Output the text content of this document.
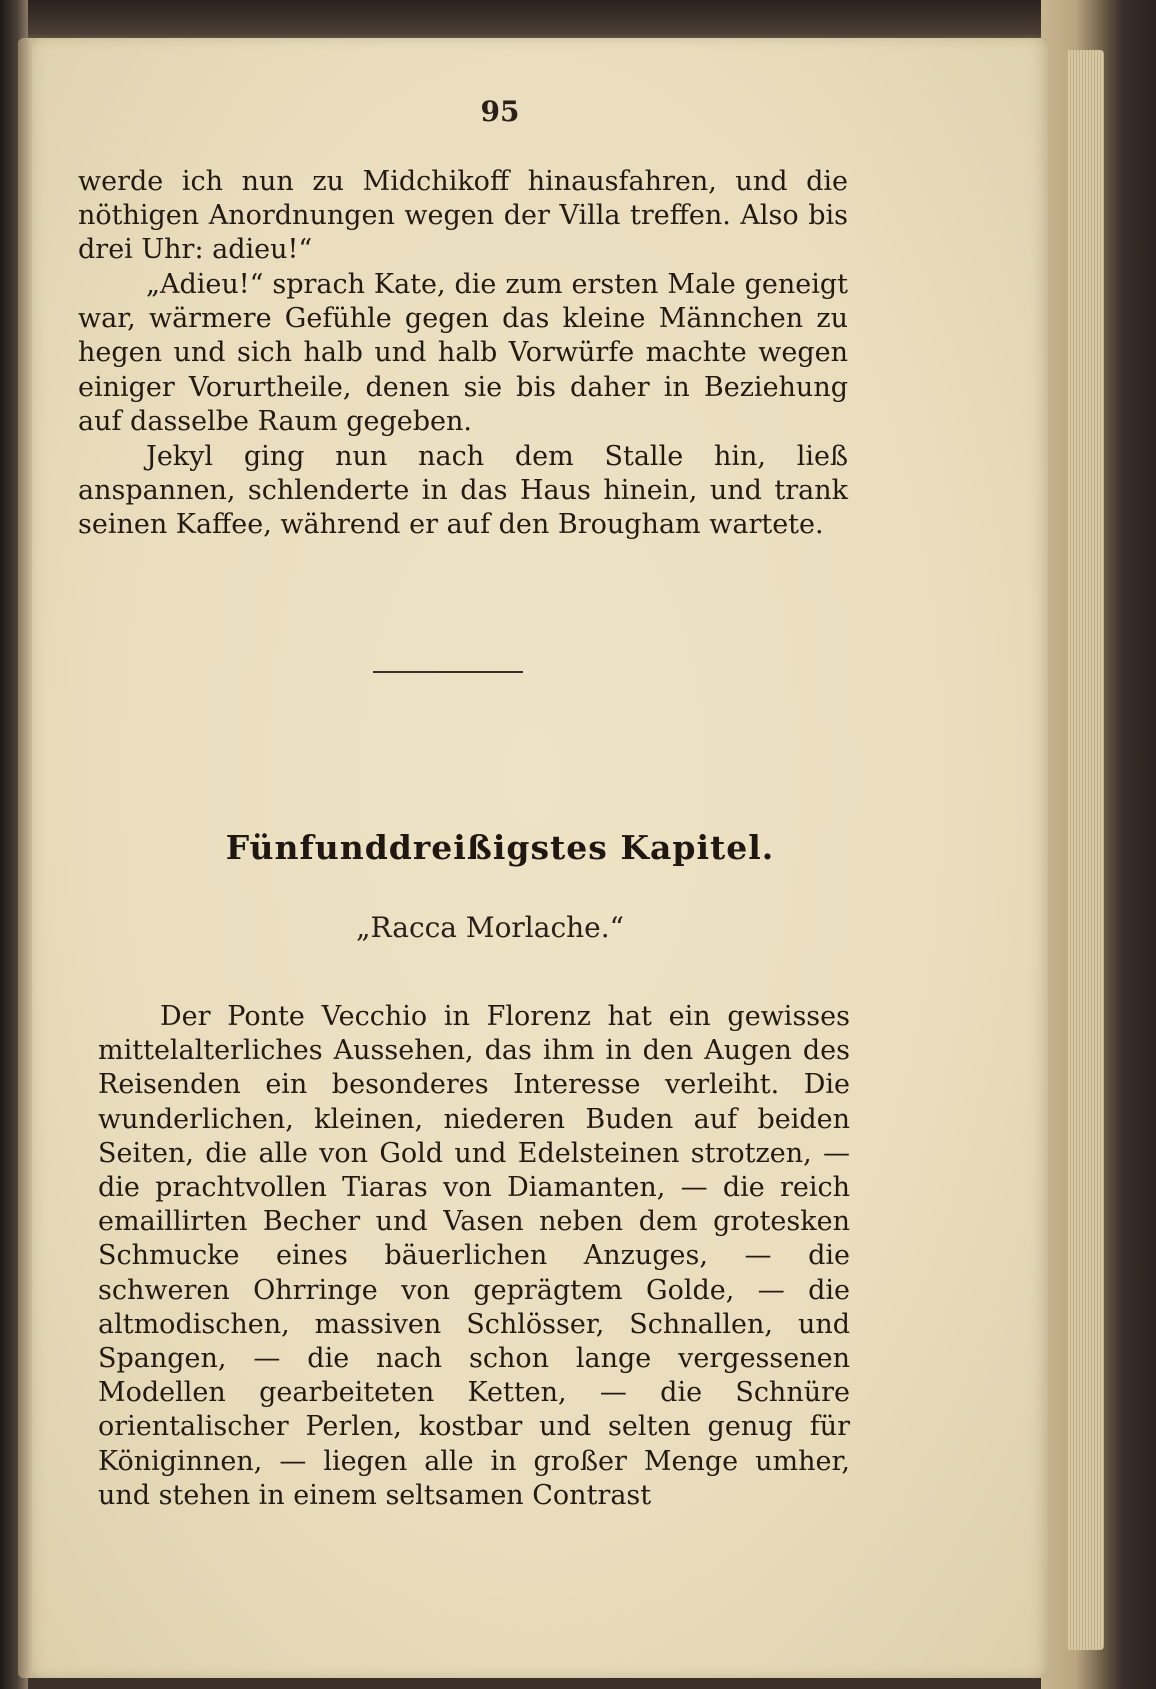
95
werde ich nun zu Midchikoff hinausfahren, und die nöthigen Anordnungen wegen der Villa treffen. Also bis drei Uhr: adieu!“
„Adieu!“ sprach Kate, die zum ersten Male geneigt war, wärmere Gefühle gegen das kleine Männchen zu hegen und sich halb und halb Vorwürfe machte wegen einiger Vorurtheile, denen sie bis daher in Beziehung auf dasselbe Raum gegeben.
Jekyl ging nun nach dem Stalle hin, ließ anspannen, schlenderte in das Haus hinein, und trank seinen Kaffee, während er auf den Brougham wartete.
Fünfunddreißigstes Kapitel.
„Racca Morlache.“
Der Ponte Vecchio in Florenz hat ein gewisses mittelalterliches Aussehen, das ihm in den Augen des Reisenden ein besonderes Interesse verleiht. Die wunderlichen, kleinen, niederen Buden auf beiden Seiten, die alle von Gold und Edelsteinen strotzen, — die prachtvollen Tiaras von Diamanten, — die reich emaillirten Becher und Vasen neben dem grotesken Schmucke eines bäuerlichen Anzuges, — die schweren Ohrringe von geprägtem Golde, — die altmodischen, massiven Schlösser, Schnallen, und Spangen, — die nach schon lange vergessenen Modellen gearbeiteten Ketten, — die Schnüre orientalischer Perlen, kostbar und selten genug für Königinnen, — liegen alle in großer Menge umher, und stehen in einem seltsamen Contrast
